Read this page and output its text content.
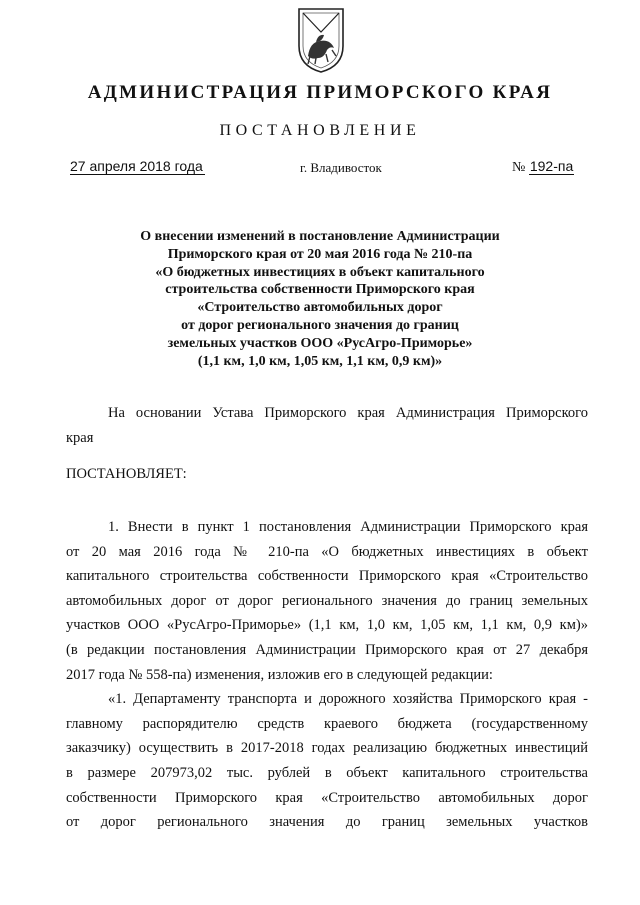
АДМИНИСТРАЦИЯ ПРИМОРСКОГО КРАЯ
ПОСТАНОВЛЕНИЕ
27 апреля 2018 года	г. Владивосток	№ 192-па
О внесении изменений в постановление Администрации
Приморского края от 20 мая 2016 года № 210-па
«О бюджетных инвестициях в объект капитального
строительства собственности Приморского края
«Строительство автомобильных дорог
от дорог регионального значения до границ
земельных участков ООО «РусАгро-Приморье»
(1,1 км, 1,0 км, 1,05 км, 1,1 км, 0,9 км)»
На основании Устава Приморского края Администрация Приморского
края
ПОСТАНОВЛЯЕТ:
1. Внести в пункт 1 постановления Администрации Приморского края
от 20 мая 2016 года № 210-па «О бюджетных инвестициях в объект
капитального строительства собственности Приморского края «Строительство
автомобильных дорог от дорог регионального значения до границ земельных
участков ООО «РусАгро-Приморье» (1,1 км, 1,0 км, 1,05 км, 1,1 км, 0,9 км)»
(в редакции постановления Администрации Приморского края от 27 декабря
2017 года № 558-па) изменения, изложив его в следующей редакции:
«1. Департаменту транспорта и дорожного хозяйства Приморского края -
главному распорядителю средств краевого бюджета (государственному
заказчику) осуществить в 2017-2018 годах реализацию бюджетных инвестиций
в размере 207973,02 тыс. рублей в объект капитального строительства
собственности Приморского края «Строительство автомобильных дорог
от дорог регионального значения до границ земельных участков
